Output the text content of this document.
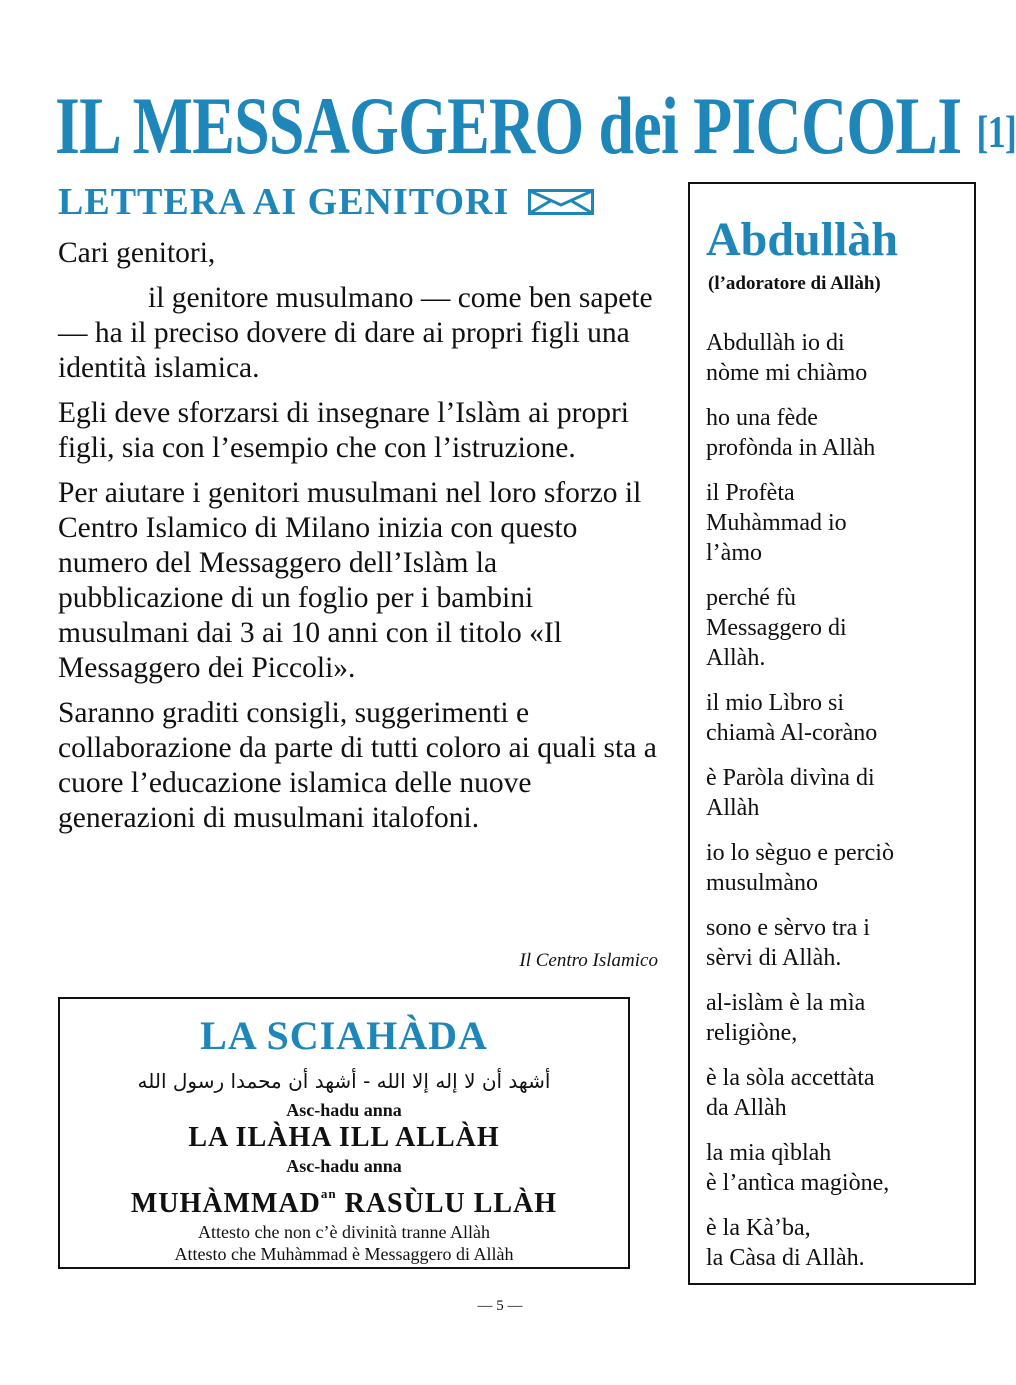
IL MESSAGGERO dei PICCOLI [1]
LETTERA AI GENITORI

Cari genitori,

il genitore musulmano — come ben sapete — ha il preciso dovere di dare ai propri figli una identità islamica.

Egli deve sforzarsi di insegnare l’Islàm ai propri figli, sia con l’esempio che con l’istruzione.

Per aiutare i genitori musulmani nel loro sforzo il Centro Islamico di Milano inizia con questo numero del Messaggero dell’Islàm la pubblicazione di un foglio per i bambini musulmani dai 3 ai 10 anni con il titolo «Il Messaggero dei Piccoli».

Saranno graditi consigli, suggerimenti e collaborazione da parte di tutti coloro ai quali sta a cuore l’educazione islamica delle nuove generazioni di musulmani italofoni.

Il Centro Islamico
LA SCIAHÀDA
أشهد أن لا إله إلا الله - أشهد أن محمدا رسول الله
Asc-hadu anna
LA ILÀHA ILL ALLÀH
Asc-hadu anna
$MUHÀMMAD^{an}$ RASÙLU LLÀH
Attesto che non c’è divinità tranne Allàh
Attesto che Muhàmmad è Messaggero di Allàh
Abdullàh
(l’adoratore di Allàh)
Abdullàh io di
nòme mi chiàmo
ho una fède
profònda in Allàh
il Profèta
Muhàmmad io
l’àmo
perché fù
Messaggero di
Allàh.
il mio Lìbro si
chiamà Al-coràno
è Paròla divìna di
Allàh
io lo sèguo e perciò
musulmàno
sono e sèrvo tra i
sèrvi di Allàh.
al-islàm è la mìa
religiòne,
è la sòla accettàta
da Allàh
la mia qìblah
è l’antìca magiòne,
è la Kà’ba,
la Càsa di Allàh.
— 5 —
